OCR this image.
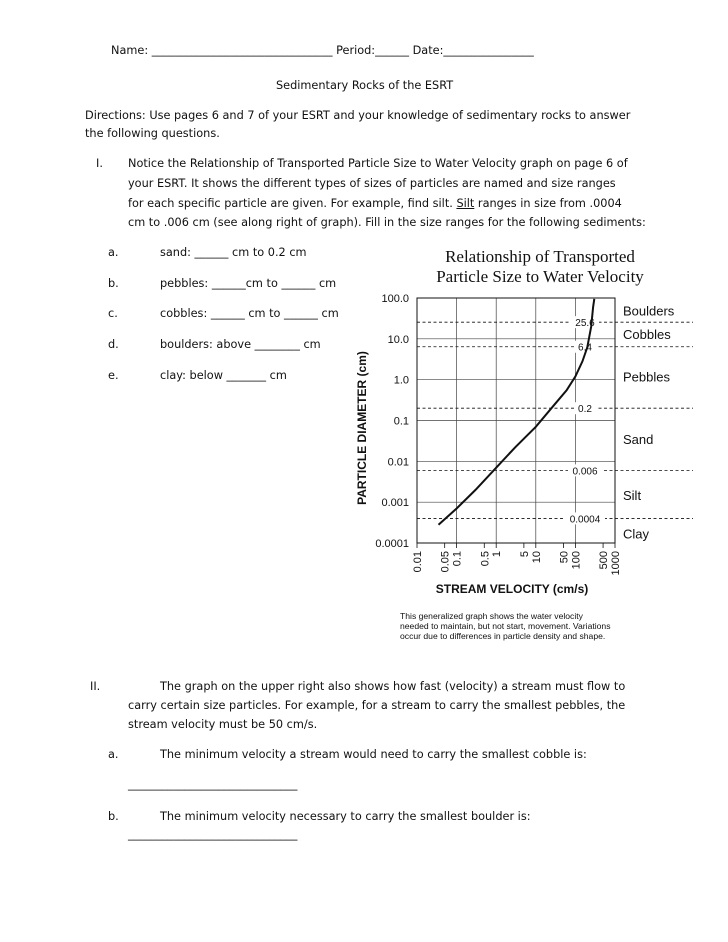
Name: ________________________________ Period:______ Date:________________
Sedimentary Rocks of the ESRT
Directions: Use pages 6 and 7 of your ESRT and your knowledge of sedimentary rocks to answer
the following questions.
I. Notice the Relationship of Transported Particle Size to Water Velocity graph on page 6 of
your ESRT. It shows the different types of sizes of particles are named and size ranges
for each specific particle are given. For example, find silt. Silt ranges in size from .0004
cm to .006 cm (see along right of graph). Fill in the size ranges for the following sediments:
a.	sand: ______ cm to 0.2 cm
b.	pebbles: ______cm to ______ cm
c.	cobbles: ______ cm to ______ cm
d.	boulders: above ________ cm
e.	clay: below _______ cm
Relationship of Transported
Particle Size to Water Velocity
100.0
10.0
1.0
0.1
0.01
0.001
0.0001
0.01 0.05 0.1 0.5 1 5 10 50 100 500 1000
25.6
6.4
0.2
0.006
0.0004
Boulders
Cobbles
Pebbles
Sand
Silt
Clay
PARTICLE DIAMETER (cm)
STREAM VELOCITY (cm/s)
This generalized graph shows the water velocity
needed to maintain, but not start, movement. Variations
occur due to differences in particle density and shape.
II.	The graph on the upper right also shows how fast (velocity) a stream must flow to
carry certain size particles. For example, for a stream to carry the smallest pebbles, the
stream velocity must be 50 cm/s.
a.	The minimum velocity a stream would need to carry the smallest cobble is:
______________________________
b.	The minimum velocity necessary to carry the smallest boulder is:
______________________________
